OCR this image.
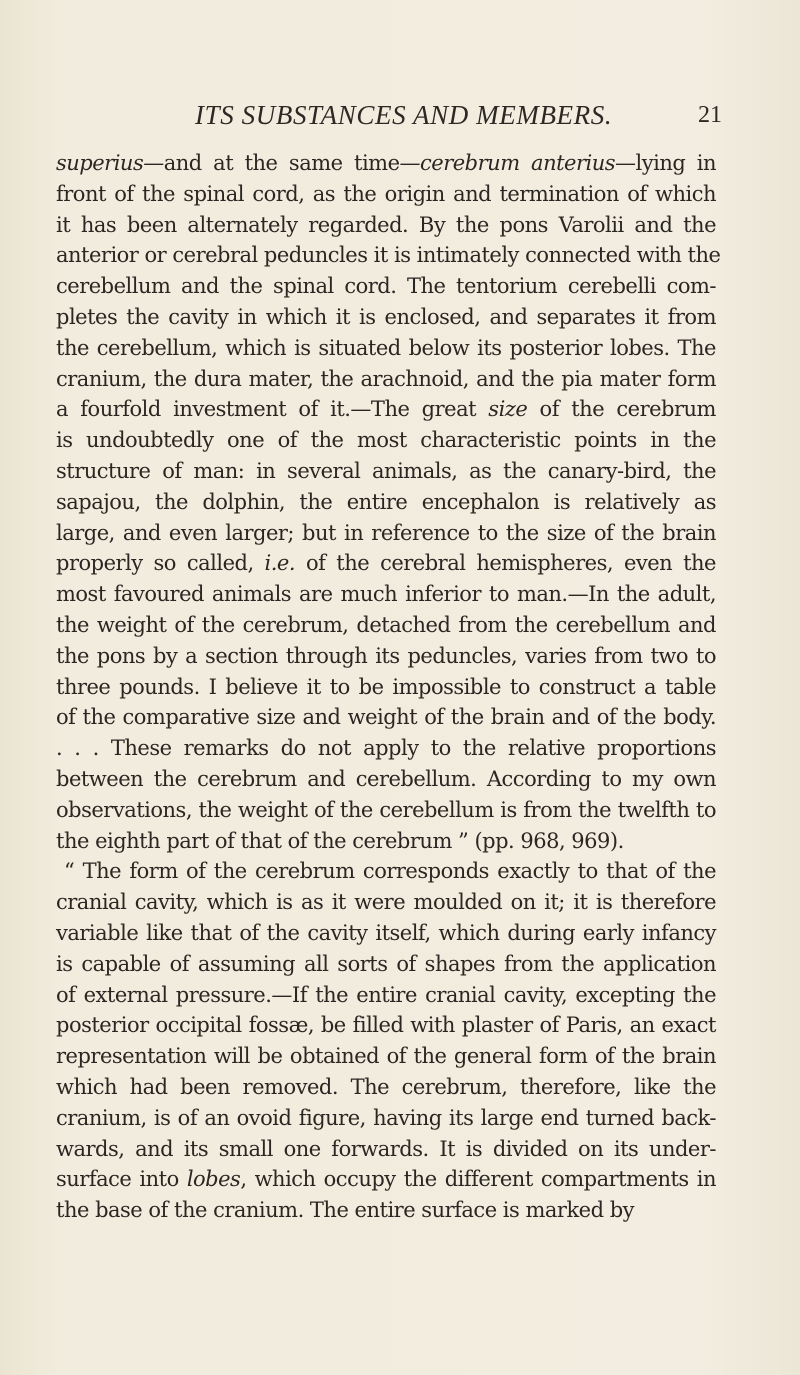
ITS SUBSTANCES AND MEMBERS.	21
superius—and at the same time—cerebrum anterius—lying in
front of the spinal cord, as the origin and termination of which
it has been alternately regarded. By the pons Varolii and the
anterior or cerebral peduncles it is intimately connected with the
cerebellum and the spinal cord. The tentorium cerebelli com-
pletes the cavity in which it is enclosed, and separates it from
the cerebellum, which is situated below its posterior lobes. The
cranium, the dura mater, the arachnoid, and the pia mater form
a fourfold investment of it.—The great size of the cerebrum
is undoubtedly one of the most characteristic points in the
structure of man: in several animals, as the canary-bird, the
sapajou, the dolphin, the entire encephalon is relatively as
large, and even larger; but in reference to the size of the brain
properly so called, i.e. of the cerebral hemispheres, even the
most favoured animals are much inferior to man.—In the adult,
the weight of the cerebrum, detached from the cerebellum and
the pons by a section through its peduncles, varies from two to
three pounds. I believe it to be impossible to construct a table
of the comparative size and weight of the brain and of the body.
. . . These remarks do not apply to the relative proportions
between the cerebrum and cerebellum. According to my own
observations, the weight of the cerebellum is from the twelfth to
the eighth part of that of the cerebrum ” (pp. 968, 969).
“ The form of the cerebrum corresponds exactly to that of the
cranial cavity, which is as it were moulded on it; it is therefore
variable like that of the cavity itself, which during early infancy
is capable of assuming all sorts of shapes from the application
of external pressure.—If the entire cranial cavity, excepting the
posterior occipital fossæ, be filled with plaster of Paris, an exact
representation will be obtained of the general form of the brain
which had been removed. The cerebrum, therefore, like the
cranium, is of an ovoid figure, having its large end turned back-
wards, and its small one forwards. It is divided on its under-
surface into lobes, which occupy the different compartments in
the base of the cranium. The entire surface is marked by
